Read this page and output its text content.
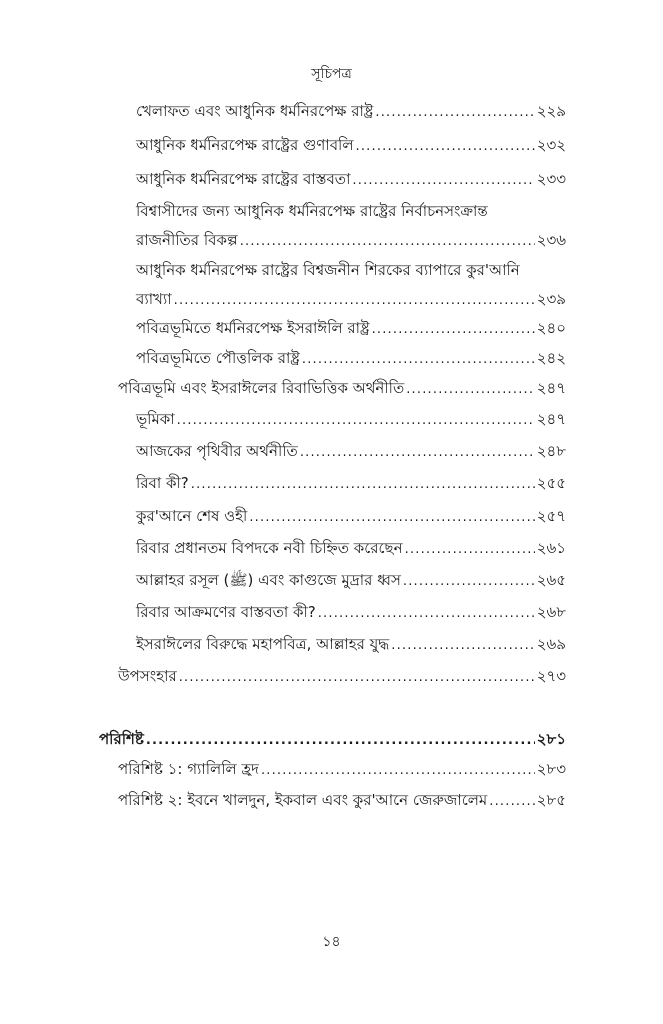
সূচিপত্র
খেলাফত এবং আধুনিক ধর্মনিরপেক্ষ রাষ্ট্র .....	২২৯
আধুনিক ধর্মনিরপেক্ষ রাষ্ট্রের গুণাবলি .....	২৩২
আধুনিক ধর্মনিরপেক্ষ রাষ্ট্রের বাস্তবতা .....	২৩৩
বিশ্বাসীদের জন্য আধুনিক ধর্মনিরপেক্ষ রাষ্ট্রের নির্বাচনসংক্রান্ত
রাজনীতির বিকল্প .....	২৩৬
আধুনিক ধর্মনিরপেক্ষ রাষ্ট্রের বিশ্বজনীন শিরকের ব্যাপারে কুর'আনি
ব্যাখ্যা .....	২৩৯
পবিত্রভূমিতে ধর্মনিরপেক্ষ ইসরাঈলি রাষ্ট্র .....	২৪০
পবিত্রভূমিতে পৌত্তলিক রাষ্ট্র .....	২৪২
পবিত্রভূমি এবং ইসরাঈলের রিবাভিত্তিক অর্থনীতি .....	২৪৭
ভূমিকা .....	২৪৭
আজকের পৃথিবীর অর্থনীতি .....	২৪৮
রিবা কী? .....	২৫৫
কুর'আনে শেষ ওহী .....	২৫৭
রিবার প্রধানতম বিপদকে নবী চিহ্নিত করেছেন .....	২৬১
আল্লাহর রসূল (ﷺ) এবং কাগুজে মুদ্রার ধ্বস .....	২৬৫
রিবার আক্রমণের বাস্তবতা কী? .....	২৬৮
ইসরাঈলের বিরুদ্ধে মহাপবিত্র, আল্লাহর যুদ্ধ .....	২৬৯
উপসংহার .....	২৭৩
পরিশিষ্ট .....	২৮১
পরিশিষ্ট ১: গ্যালিলি হ্রদ .....	২৮৩
পরিশিষ্ট ২: ইবনে খালদুন, ইকবাল এবং কুর'আনে জেরুজালেম .....	২৮৫
১৪
